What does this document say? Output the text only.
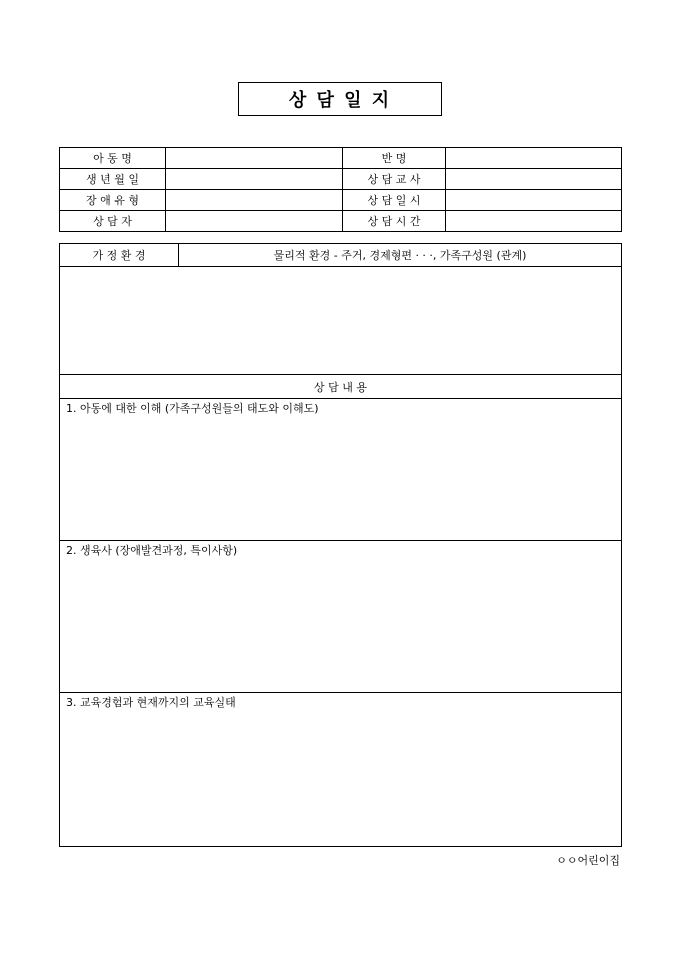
상 담 일 지
아 동 명		반 명	
생 년 월 일		상 담 교 사	
장 애 유 형		상 담 일 시	
상 담 자		상 담 시 간	
가 정 환 경	물리적 환경 - 주거, 경제형편 · · ·, 가족구성원 (관계)

상 담 내 용
1. 아동에 대한 이해 (가족구성원들의 태도와 이해도)
2. 생육사 (장애발견과정, 특이사항)
3. 교육경험과 현재까지의 교육실태
ㅇㅇ어린이집
